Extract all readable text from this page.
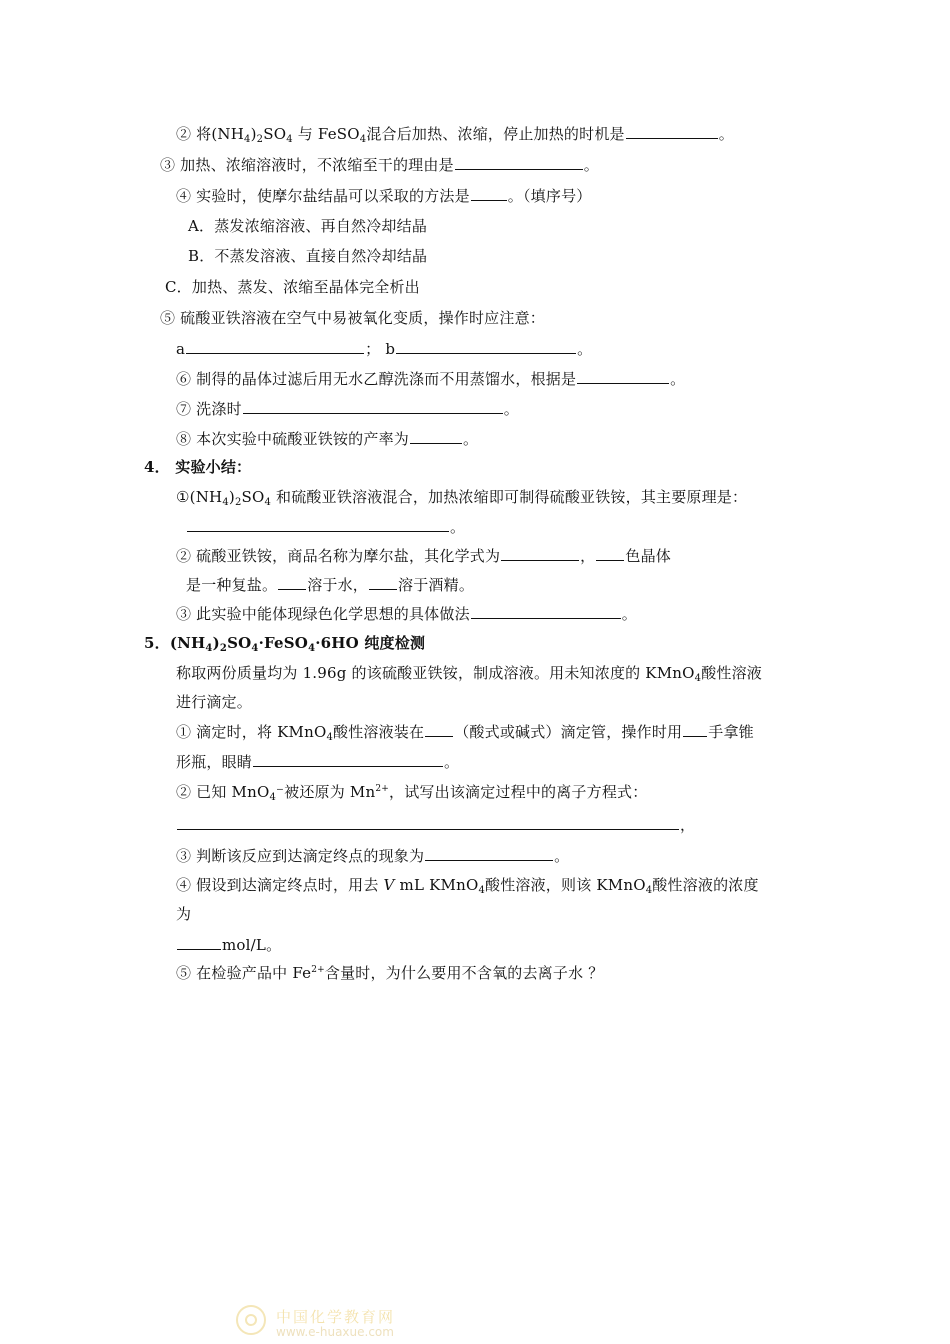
② 将$(NH_4)_2SO_4$ 与 FeSO$_4$混合后加热、浓缩，停止加热的时机是	。
③ 加热、浓缩溶液时，不浓缩至干的理由是	。
④ 实验时，使摩尔盐结晶可以采取的方法是	。（填序号）
A．蒸发浓缩溶液、再自然冷却结晶
B．不蒸发溶液、直接自然冷却结晶
C．加热、蒸发、浓缩至晶体完全析出
⑤ 硫酸亚铁溶液在空气中易被氧化变质，操作时应注意：
a	； b	。
⑥ 制得的晶体过滤后用无水乙醇洗涤而不用蒸馏水，根据是	。
⑦ 洗涤时	。
⑧ 本次实验中硫酸亚铁铵的产率为	。
4． 实验小结：
$①(NH_4)_2SO_4$ 和硫酸亚铁溶液混合，加热浓缩即可制得硫酸亚铁铵，其主要原理是：
。
② 硫酸亚铁铵，商品名称为摩尔盐，其化学式为	， 色晶体
是一种复盐。 溶于水， 溶于酒精。
③ 此实验中能体现绿色化学思想的具体做法	。
5．$(NH_4)_2SO_4\cdot FeSO_4\cdot 6HO$ 纯度检测
称取两份质量均为 1.96g 的该硫酸亚铁铵，制成溶液。用未知浓度的 KMnO$_4$酸性溶液
进行滴定。
① 滴定时，将 KMnO$_4$酸性溶液装在 （酸式或碱式）滴定管，操作时用 手拿锥
形瓶，眼睛	。
② 已知 MnO$_4$⁻被还原为 $Mn^{2+}$，试写出该滴定过程中的离子方程式：
，
③ 判断该反应到达滴定终点的现象为	。
④ 假设到达滴定终点时，用去 V mL KMnO$_4$酸性溶液，则该 KMnO$_4$酸性溶液的浓度
为
mol/L。
⑤ 在检验产品中 $Fe^{2+}$含量时，为什么要用不含氧的去离子水 ？
中国化学教育网
www.e-huaxue.com
